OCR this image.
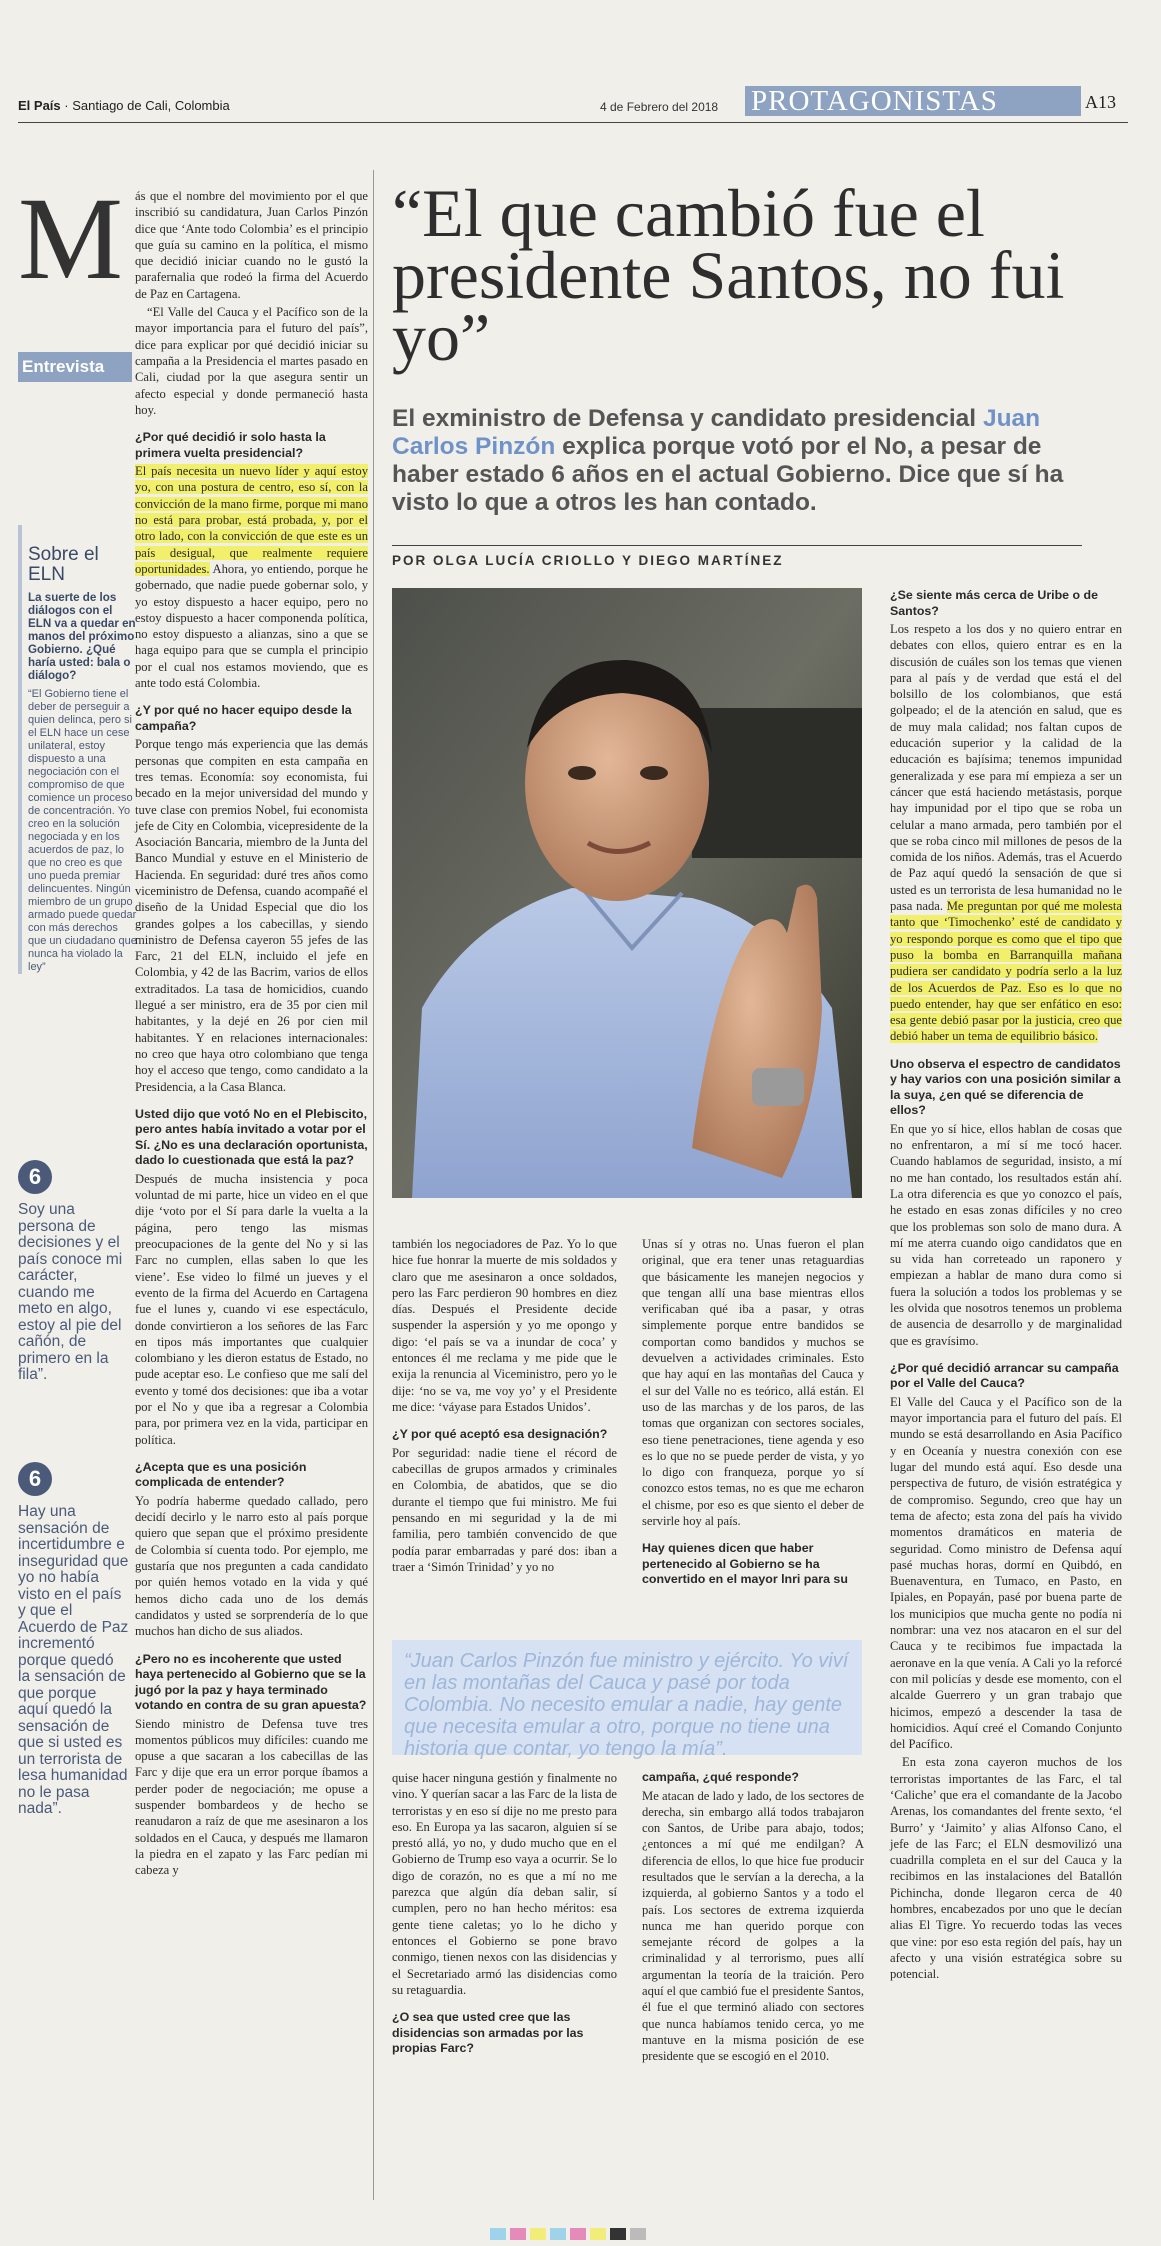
El País · Santiago de Cali, Colombia	4 de Febrero del 2018 PROTAGONISTAS	A13
M
Entrevista

ás que el nombre del movimiento por el que inscribió su candidatura, Juan Carlos Pinzón dice que ‘Ante todo Colombia’ es el principio que guía su camino en la política, el mismo que decidió iniciar cuando no le gustó la parafernalia que rodeó la firma del Acuerdo de Paz en Cartagena.

“El Valle del Cauca y el Pacífico son de la mayor importancia para el futuro del país”, dice para explicar por qué decidió iniciar su campaña a la Presidencia el martes pasado en Cali, ciudad por la que asegura sentir un afecto especial y donde permaneció hasta hoy.

¿Por qué decidió ir solo hasta la primera vuelta presidencial?

El país necesita un nuevo líder y aquí estoy yo, con una postura de centro, eso sí, con la convicción de la mano firme, porque mi mano no está para probar, está probada, y, por el otro lado, con la convicción de que este es un país desigual, que realmente requiere oportunidades. Ahora, yo entiendo, porque he gobernado, que nadie puede gobernar solo, y yo estoy dispuesto a hacer equipo, pero no estoy dispuesto a hacer componenda política, no estoy dispuesto a alianzas, sino a que se haga equipo para que se cumpla el principio por el cual nos estamos moviendo, que es ante todo está Colombia.

¿Y por qué no hacer equipo desde la campaña?

Porque tengo más experiencia que las demás personas que compiten en esta campaña en tres temas. Economía: soy economista, fui becado en la mejor universidad del mundo y tuve clase con premios Nobel, fui economista jefe de City en Colombia, vicepresidente de la Asociación Bancaria, miembro de la Junta del Banco Mundial y estuve en el Ministerio de Hacienda. En seguridad: duré tres años como viceministro de Defensa, cuando acompañé el diseño de la Unidad Especial que dio los grandes golpes a los cabecillas, y siendo ministro de Defensa cayeron 55 jefes de las Farc, 21 del ELN, incluido el jefe en Colombia, y 42 de las Bacrim, varios de ellos extraditados. La tasa de homicidios, cuando llegué a ser ministro, era de 35 por cien mil habitantes, y la dejé en 26 por cien mil habitantes. Y en relaciones internacionales: no creo que haya otro colombiano que tenga hoy el acceso que tengo, como candidato a la Presidencia, a la Casa Blanca.

Usted dijo que votó No en el Plebiscito, pero antes había invitado a votar por el Sí. ¿No es una declaración oportunista, dado lo cuestionada que está la paz?

Después de mucha insistencia y poca voluntad de mi parte, hice un video en el que dije ‘voto por el Sí para darle la vuelta a la página, pero tengo las mismas preocupaciones de la gente del No y si las Farc no cumplen, ellas saben lo que les viene’. Ese video lo filmé un jueves y el evento de la firma del Acuerdo en Cartagena fue el lunes y, cuando vi ese espectáculo, donde convirtieron a los señores de las Farc en tipos más importantes que cualquier colombiano y les dieron estatus de Estado, no pude aceptar eso. Le confieso que me salí del evento y tomé dos decisiones: que iba a votar por el No y que iba a regresar a Colombia para, por primera vez en la vida, participar en política.

¿Acepta que es una posición complicada de entender?

Yo podría haberme quedado callado, pero decidí decirlo y le narro esto al país porque quiero que sepan que el próximo presidente de Colombia sí cuenta todo. Por ejemplo, me gustaría que nos pregunten a cada candidato por quién hemos votado en la vida y qué hemos dicho cada uno de los demás candidatos y usted se sorprendería de lo que muchos han dicho de sus aliados.

¿Pero no es incoherente que usted haya pertenecido al Gobierno que se la jugó por la paz y haya terminado votando en contra de su gran apuesta?

Siendo ministro de Defensa tuve tres momentos públicos muy difíciles: cuando me opuse a que sacaran a los cabecillas de las Farc y dije que era un error porque íbamos a perder poder de negociación; me opuse a suspender bombardeos y de hecho se reanudaron a raíz de que me asesinaron a los soldados en el Cauca, y después me llamaron la piedra en el zapato y las Farc pedían mi cabeza y

Sobre el ELN
La suerte de los diálogos con el ELN va a quedar en manos del próximo Gobierno. ¿Qué haría usted: bala o diálogo?
“El Gobierno tiene el deber de perseguir a quien delinca, pero si el ELN hace un cese unilateral, estoy dispuesto a una negociación con el compromiso de que comience un proceso de concentración. Yo creo en la solución negociada y en los acuerdos de paz, lo que no creo es que uno pueda premiar delincuentes. Ningún miembro de un grupo armado puede quedar con más derechos que un ciudadano que nunca ha violado la ley”
6
Soy una persona de decisiones y el país conoce mi carácter, cuando me meto en algo, estoy al pie del cañón, de primero en la fila”.
6
Hay una sensación de incertidumbre e inseguridad que yo no había visto en el país y que el Acuerdo de Paz incrementó porque quedó la sensación de que porque aquí quedó la sensación de que si usted es un terrorista de lesa humanidad no le pasa nada”.
“El que cambió fue el presidente Santos, no fui yo”
El exministro de Defensa y candidato presidencial Juan Carlos Pinzón explica porque votó por el No, a pesar de haber estado 6 años en el actual Gobierno. Dice que sí ha visto lo que a otros les han contado.
POR OLGA LUCÍA CRIOLLO Y DIEGO MARTÍNEZ

también los negociadores de Paz. Yo lo que hice fue honrar la muerte de mis soldados y claro que me asesinaron a once soldados, pero las Farc perdieron 90 hombres en diez días. Después el Presidente decide suspender la aspersión y yo me opongo y digo: ‘el país se va a inundar de coca’ y entonces él me reclama y me pide que le exija la renuncia al Viceministro, pero yo le dije: ‘no se va, me voy yo’ y el Presidente me dice: ‘váyase para Estados Unidos’.

¿Y por qué aceptó esa designación?

Por seguridad: nadie tiene el récord de cabecillas de grupos armados y criminales en Colombia, de abatidos, que se dio durante el tiempo que fui ministro. Me fui pensando en mi seguridad y la de mi familia, pero también convencido de que podía parar embarradas y paré dos: iban a traer a ‘Simón Trinidad’ y yo no

quise hacer ninguna gestión y finalmente no vino. Y querían sacar a las Farc de la lista de terroristas y en eso sí dije no me presto para eso. En Europa ya las sacaron, alguien sí se prestó allá, yo no, y dudo mucho que en el Gobierno de Trump eso vaya a ocurrir. Se lo digo de corazón, no es que a mí no me parezca que algún día deban salir, sí cumplen, pero no han hecho méritos: esa gente tiene caletas; yo lo he dicho y entonces el Gobierno se pone bravo conmigo, tienen nexos con las disidencias y el Secretariado armó las disidencias como su retaguardia.

¿O sea que usted cree que las disidencias son armadas por las propias Farc?

Unas sí y otras no. Unas fueron el plan original, que era tener unas retaguardias que básicamente les manejen negocios y que tengan allí una base mientras ellos verificaban qué iba a pasar, y otras simplemente porque entre bandidos se comportan como bandidos y muchos se devuelven a actividades criminales. Esto que hay aquí en las montañas del Cauca y el sur del Valle no es teórico, allá están. El uso de las marchas y de los paros, de las tomas que organizan con sectores sociales, eso tiene penetraciones, tiene agenda y eso es lo que no se puede perder de vista, y yo lo digo con franqueza, porque yo sí conozco estos temas, no es que me echaron el chisme, por eso es que siento el deber de servirle hoy al país.

Hay quienes dicen que haber pertenecido al Gobierno se ha convertido en el mayor lnri para su

campaña, ¿qué responde?

Me atacan de lado y lado, de los sectores de derecha, sin embargo allá todos trabajaron con Santos, de Uribe para abajo, todos; ¿entonces a mí qué me endilgan? A diferencia de ellos, lo que hice fue producir resultados que le servían a la derecha, a la izquierda, al gobierno Santos y a todo el país. Los sectores de extrema izquierda nunca me han querido porque con semejante récord de golpes a la criminalidad y al terrorismo, pues allí argumentan la teoría de la traición. Pero aquí el que cambió fue el presidente Santos, él fue el que terminó aliado con sectores que nunca habíamos tenido cerca, yo me mantuve en la misma posición de ese presidente que se escogió en el 2010.

“Juan Carlos Pinzón fue ministro y ejército. Yo viví en las montañas del Cauca y pasé por toda Colombia. No necesito emular a nadie, hay gente que necesita emular a otro, porque no tiene una historia que contar, yo tengo la mía”.

¿Se siente más cerca de Uribe o de Santos?

Los respeto a los dos y no quiero entrar en debates con ellos, quiero entrar es en la discusión de cuáles son los temas que vienen para al país y de verdad que está el del bolsillo de los colombianos, que está golpeado; el de la atención en salud, que es de muy mala calidad; nos faltan cupos de educación superior y la calidad de la educación es bajísima; tenemos impunidad generalizada y ese para mí empieza a ser un cáncer que está haciendo metástasis, porque hay impunidad por el tipo que se roba un celular a mano armada, pero también por el que se roba cinco mil millones de pesos de la comida de los niños. Además, tras el Acuerdo de Paz aquí quedó la sensación de que si usted es un terrorista de lesa humanidad no le pasa nada. Me preguntan por qué me molesta tanto que ‘Timochenko’ esté de candidato y yo respondo porque es como que el tipo que puso la bomba en Barranquilla mañana pudiera ser candidato y podría serlo a la luz de los Acuerdos de Paz. Eso es lo que no puedo entender, hay que ser enfático en eso: esa gente debió pasar por la justicia, creo que debió haber un tema de equilibrio básico.

Uno observa el espectro de candidatos y hay varios con una posición similar a la suya, ¿en qué se diferencia de ellos?

En que yo sí hice, ellos hablan de cosas que no enfrentaron, a mí sí me tocó hacer. Cuando hablamos de seguridad, insisto, a mí no me han contado, los resultados están ahí. La otra diferencia es que yo conozco el país, he estado en esas zonas difíciles y no creo que los problemas son solo de mano dura. A mí me aterra cuando oigo candidatos que en su vida han correteado un raponero y empiezan a hablar de mano dura como si fuera la solución a todos los problemas y se les olvida que nosotros tenemos un problema de ausencia de desarrollo y de marginalidad que es gravísimo.

¿Por qué decidió arrancar su campaña por el Valle del Cauca?

El Valle del Cauca y el Pacífico son de la mayor importancia para el futuro del país. El mundo se está desarrollando en Asia Pacífico y en Oceanía y nuestra conexión con ese lugar del mundo está aquí. Eso desde una perspectiva de futuro, de visión estratégica y de compromiso. Segundo, creo que hay un tema de afecto; esta zona del país ha vivido momentos dramáticos en materia de seguridad. Como ministro de Defensa aquí pasé muchas horas, dormí en Quibdó, en Buenaventura, en Tumaco, en Pasto, en Ipiales, en Popayán, pasé por buena parte de los municipios que mucha gente no podía ni nombrar: una vez nos atacaron en el sur del Cauca y te recibimos fue impactada la aeronave en la que venía. A Cali yo la reforcé con mil policías y desde ese momento, con el alcalde Guerrero y un gran trabajo que hicimos, empezó a descender la tasa de homicidios. Aquí creé el Comando Conjunto del Pacífico.

En esta zona cayeron muchos de los terroristas importantes de las Farc, el tal ‘Caliche’ que era el comandante de la Jacobo Arenas, los comandantes del frente sexto, ‘el Burro’ y ‘Jaimito’ y alias Alfonso Cano, el jefe de las Farc; el ELN desmovilizó una cuadrilla completa en el sur del Cauca y la recibimos en las instalaciones del Batallón Pichincha, donde llegaron cerca de 40 hombres, encabezados por uno que le decían alias El Tigre. Yo recuerdo todas las veces que vine: por eso esta región del país, hay un afecto y una visión estratégica sobre su potencial.
